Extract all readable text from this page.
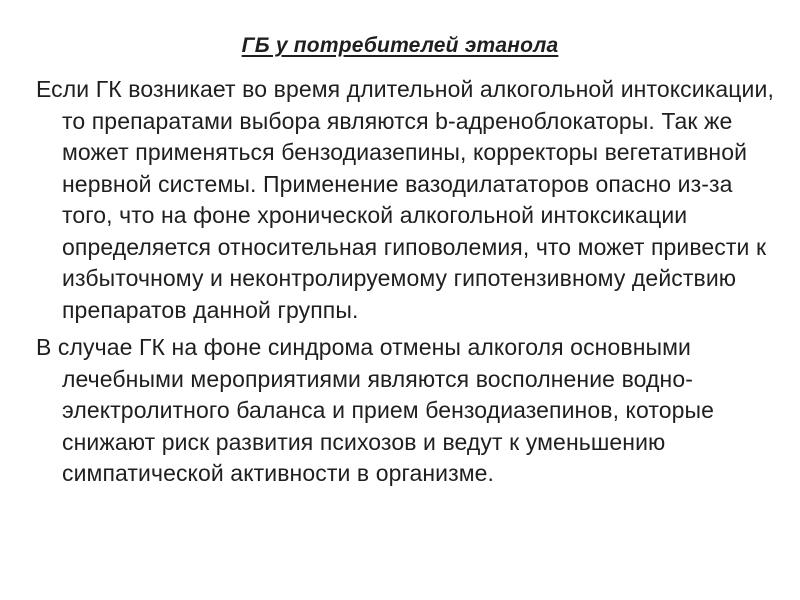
ГБ у потребителей этанола

Если ГК возникает во время длительной алкогольной интоксикации, то препаратами выбора являются b-адреноблокаторы. Так же может применяться бензодиазепины, корректоры вегетативной нервной системы. Применение вазодилататоров опасно из-за того, что на фоне хронической алкогольной интоксикации определяется относительная гиповолемия, что может привести к избыточному и неконтролируемому гипотензивному действию препаратов данной группы.

В случае ГК на фоне синдрома отмены алкоголя основными лечебными мероприятиями являются восполнение водно-электролитного баланса и прием бензодиазепинов, которые снижают риск развития психозов и ведут к уменьшению симпатической активности в организме.
